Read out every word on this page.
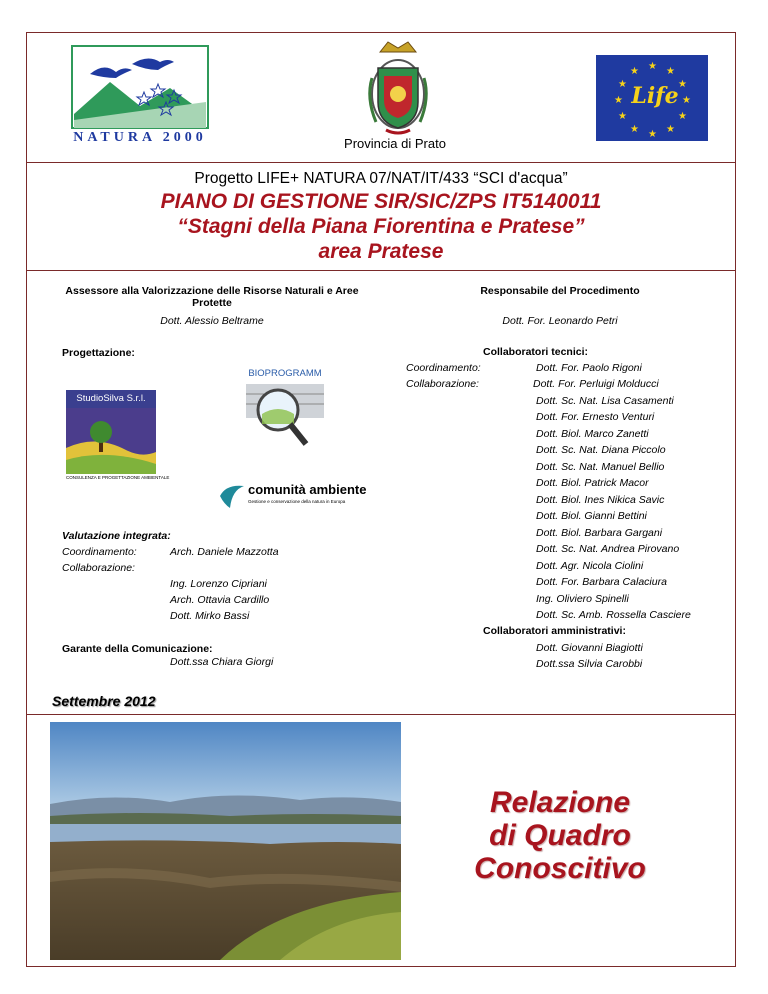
NATURA 2000	Provincia di Prato
★ ★
★
★
★
★
★
★
★
★
★
★
Life
Progetto LIFE+ NATURA 07/NAT/IT/433 “SCI d'acqua”
PIANO DI GESTIONE SIR/SIC/ZPS IT5140011
“Stagni della Piana Fiorentina e Pratese”
area Pratese
Assessore alla Valorizzazione delle Risorse Naturali e Aree Protette
Dott. Alessio Beltrame
Progettazione:
StudioSilva S.r.l.
CONSULENZA E PROGETTAZIONE AMBIENTALE
BIOPROGRAMM
comunità ambiente
Gestione e conservazione della natura in Europa
Valutazione integrata:
Coordinamento:	Arch. Daniele Mazzotta
Collaborazione:
Ing. Lorenzo Cipriani
Arch. Ottavia Cardillo
Dott. Mirko Bassi
Garante della Comunicazione:
Dott.ssa Chiara Giorgi
Responsabile del Procedimento
Dott. For. Leonardo Petri
Collaboratori tecnici:
Coordinamento:	Dott. For. Paolo Rigoni
Collaborazione:	Dott. For. Perluigi Molducci
Dott. Sc. Nat. Lisa Casamenti
Dott. For. Ernesto Venturi
Dott. Biol. Marco Zanetti
Dott. Sc. Nat. Diana Piccolo
Dott. Sc. Nat. Manuel Bellio
Dott. Biol. Patrick Macor
Dott. Biol. Ines Nikica Savic
Dott. Biol. Gianni Bettini
Dott. Biol. Barbara Gargani
Dott. Sc. Nat. Andrea Pirovano
Dott. Agr. Nicola Ciolini
Dott. For. Barbara Calaciura
Ing. Oliviero Spinelli
Dott. Sc. Amb. Rossella Casciere
Collaboratori amministrativi:
Dott. Giovanni Biagiotti
Dott.ssa Silvia Carobbi
Settembre 2012
Relazione
di Quadro
Conoscitivo
